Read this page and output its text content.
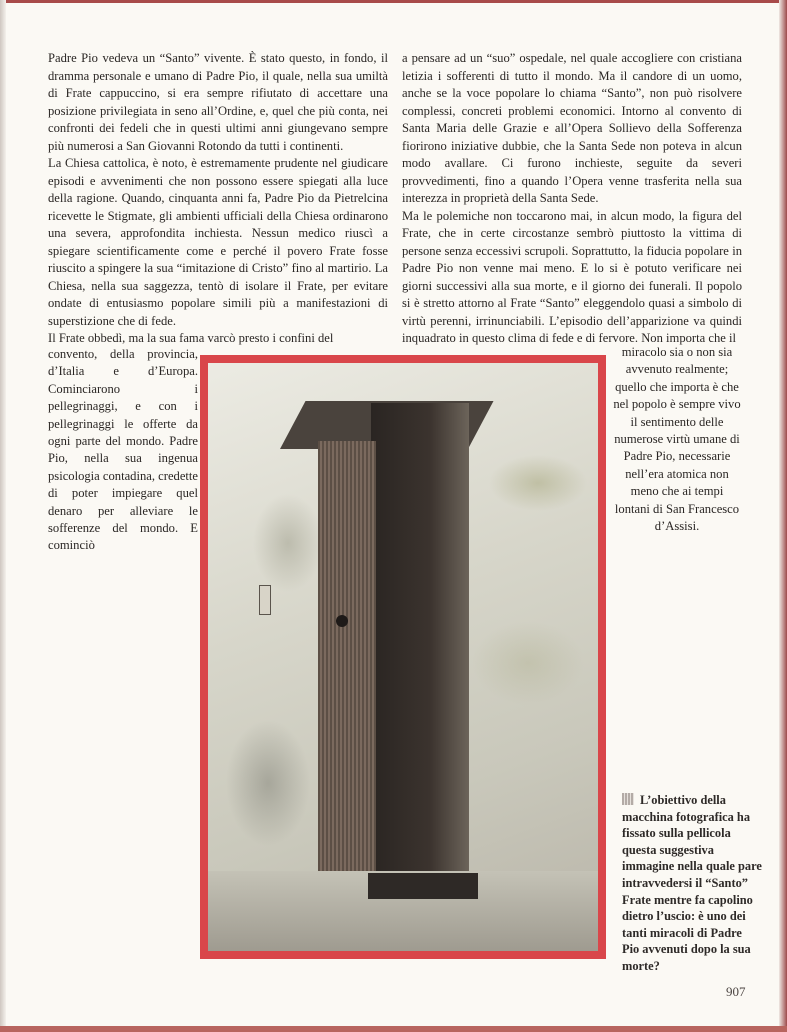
Padre Pio vedeva un “Santo” vivente. È stato questo, in fondo, il dramma personale e umano di Padre Pio, il quale, nella sua umiltà di Frate cappuccino, si era sempre rifiutato di accettare una posizione privilegiata in seno all’Ordine, e, quel che più conta, nei confronti dei fedeli che in questi ultimi anni giungevano sempre più numerosi a San Giovanni Rotondo da tutti i continenti.

La Chiesa cattolica, è noto, è estremamente prudente nel giudicare episodi e avvenimenti che non possono essere spiegati alla luce della ragione. Quando, cinquanta anni fa, Padre Pio da Pietrelcina ricevette le Stigmate, gli ambienti ufficiali della Chiesa ordinarono una severa, approfondita inchiesta. Nessun medico riuscì a spiegare scientificamente come e perché il povero Frate fosse riuscito a spingere la sua “imitazione di Cristo” fino al martirio. La Chiesa, nella sua saggezza, tentò di isolare il Frate, per evitare ondate di entusiasmo popolare simili più a manifestazioni di superstizione che di fede.

Il Frate obbedì, ma la sua fama varcò presto i confini del

convento, della provincia, d’Italia e d’Europa. Cominciarono i pellegrinaggi, e con i pellegrinaggi le offerte da ogni parte del mondo. Padre Pio, nella sua ingenua psicologia contadina, credette di poter impiegare quel denaro per alleviare le sofferenze del mondo. E cominciò

a pensare ad un “suo” ospedale, nel quale accogliere con cristiana letizia i sofferenti di tutto il mondo. Ma il candore di un uomo, anche se la voce popolare lo chiama “Santo”, non può risolvere complessi, concreti problemi economici. Intorno al convento di Santa Maria delle Grazie e all’Opera Sollievo della Sofferenza fiorirono iniziative dubbie, che la Santa Sede non poteva in alcun modo avallare. Ci furono inchieste, seguite da severi provvedimenti, fino a quando l’Opera venne trasferita nella sua interezza in proprietà della Santa Sede.

Ma le polemiche non toccarono mai, in alcun modo, la figura del Frate, che in certe circostanze sembrò piuttosto la vittima di persone senza eccessivi scrupoli. Soprattutto, la fiducia popolare in Padre Pio non venne mai meno. E lo si è potuto verificare nei giorni successivi alla sua morte, e il giorno dei funerali. Il popolo si è stretto attorno al Frate “Santo” eleggendolo quasi a simbolo di virtù perenni, irrinunciabili. L’episodio dell’apparizione va quindi inquadrato in questo clima di fede e di fervore. Non importa che il

miracolo sia o non sia avvenuto realmente; quello che importa è che nel popolo è sempre vivo il sentimento delle numerose virtù umane di Padre Pio, necessarie nell’era atomica non meno che ai tempi lontani di San Francesco d’Assisi.

L’obiettivo della macchina fotografica ha fissato sulla pellicola questa suggestiva immagine nella quale pare intravvedersi il “Santo” Frate mentre fa capolino dietro l’uscio: è uno dei tanti miracoli di Padre Pio avvenuti dopo la sua morte?
907
